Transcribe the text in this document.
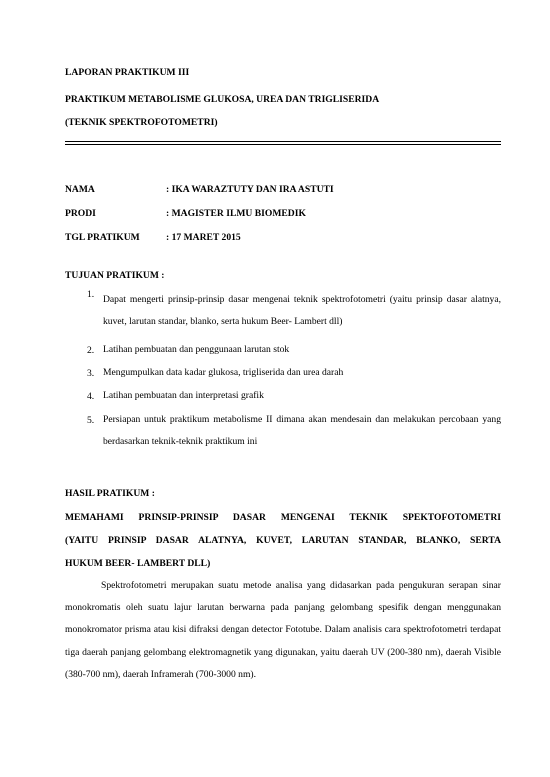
LAPORAN PRAKTIKUM III
PRAKTIKUM METABOLISME GLUKOSA, UREA DAN TRIGLISERIDA
(TEKNIK SPEKTROFOTOMETRI)
NAMA	: IKA WARAZTUTY DAN IRA ASTUTI
PRODI	: MAGISTER ILMU BIOMEDIK
TGL PRATIKUM	: 17 MARET 2015
TUJUAN PRATIKUM :
1. Dapat mengerti prinsip-prinsip dasar mengenai teknik spektrofotometri (yaitu prinsip dasar alatnya, kuvet, larutan standar, blanko, serta hukum Beer- Lambert dll)
2. Latihan pembuatan dan penggunaan larutan stok
3. Mengumpulkan data kadar glukosa, trigliserida dan urea darah
4. Latihan pembuatan dan interpretasi grafik
5. Persiapan untuk praktikum metabolisme II dimana akan mendesain dan melakukan percobaan yang berdasarkan teknik-teknik praktikum ini
HASIL PRATIKUM :
MEMAHAMI PRINSIP-PRINSIP DASAR MENGENAI TEKNIK SPEKTOFOTOMETRI
(YAITU PRINSIP DASAR ALATNYA, KUVET, LARUTAN STANDAR, BLANKO, SERTA
HUKUM BEER- LAMBERT DLL)
Spektrofotometri merupakan suatu metode analisa yang didasarkan pada pengukuran serapan sinar monokromatis oleh suatu lajur larutan berwarna pada panjang gelombang spesifik dengan menggunakan monokromator prisma atau kisi difraksi dengan detector Fototube. Dalam analisis cara spektrofotometri terdapat tiga daerah panjang gelombang elektromagnetik yang digunakan, yaitu daerah UV (200-380 nm), daerah Visible (380-700 nm), daerah Inframerah (700-3000 nm).
